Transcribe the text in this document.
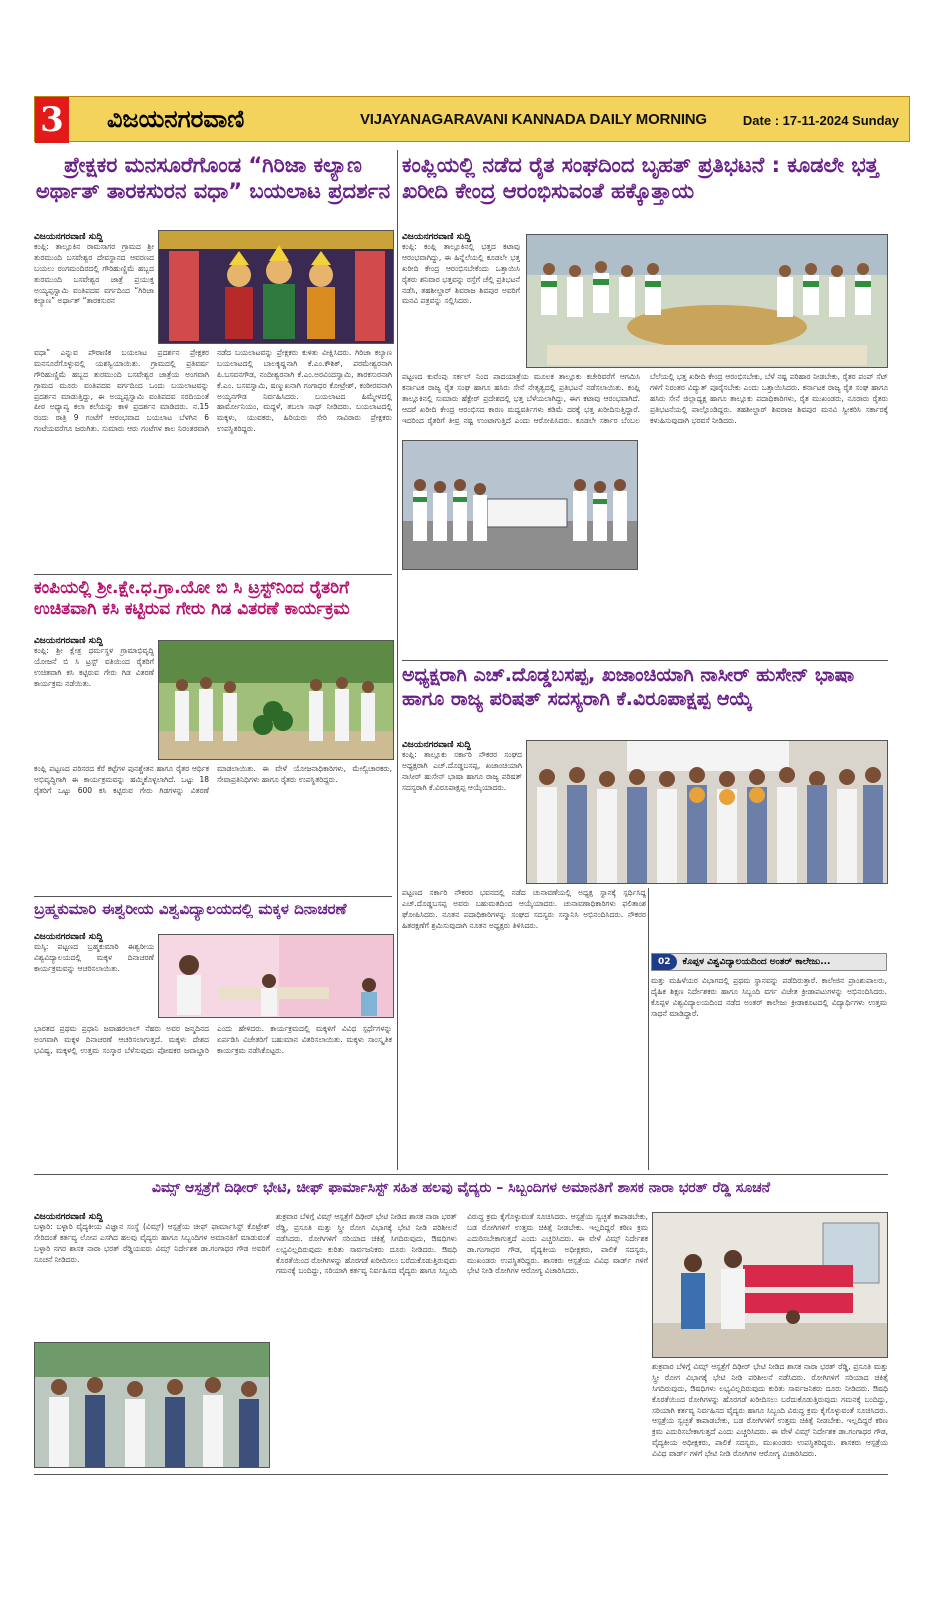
3 ವಿಜಯನಗರವಾಣಿ	VIJAYANAGARAVANI KANNADA DAILY MORNING	Date : 17-11-2024 Sunday
ಪ್ರೇಕ್ಷಕರ ಮನಸೂರೆಗೊಂಡ “ಗಿರಿಜಾ ಕಲ್ಯಾಣ ಅರ್ಥಾತ್ ತಾರಕಸುರನ ವಧಾ” ಬಯಲಾಟ ಪ್ರದರ್ಶನ
ವಿಜಯನಗರವಾಣಿ ಸುದ್ದಿ
ಕಂಪ್ಲಿ: ತಾಲ್ಲೂಕಿನ ರಾಮಸಾಗರ ಗ್ರಾಮದ ಶ್ರೀ ತುರಮುಂದಿ ಬಸವೇಶ್ವರ ದೇವಸ್ಥಾನದ ಆವರಣದ ಬಯಲು ರಂಗಮಂದಿರದಲ್ಲಿ ಗೌರಿಹುಣ್ಣಿಮೆ ಹಬ್ಬದ ತುರಮುಂದಿ ಬಸವೇಶ್ವರ ಜಾತ್ರೆ ಪ್ರಯುಕ್ತ ಅಯ್ಯಪ್ಪಸ್ವಾಮಿ ವಂತಿಪದವ ವರ್ಗದಿಂದ “ಗಿರಿಜಾ ಕಲ್ಯಾಣ” ಅರ್ಥಾತ್ “ತಾರಕಸುರನ
ವಧಾ” ಎನ್ನುವ ಪೌರಾಣಿಕ ಬಯಲಾಟ ಪ್ರದರ್ಶನ ಪ್ರೇಕ್ಷಕರ ಮನಸೂರೆಗೊಳ್ಳುವಲ್ಲಿ ಯಶಸ್ವಿಯಾಯಿತು. ಗ್ರಾಮದಲ್ಲಿ ಪ್ರತಿವರ್ಷ ಗೌರಿಹುಣ್ಣಿಮೆ ಹಬ್ಬದ ತುರಮುಂದಿ ಬಸವೇಶ್ವರ ಜಾತ್ರೆಯ ಅಂಗವಾಗಿ ಗ್ರಾಮದ ಮೂರು ವಂತಿಪದವ ವರ್ಗದಿಂದ ಒಂದು ಬಯಲಾಟವನ್ನು ಪ್ರದರ್ಶನ ಮಾಡುತ್ತಿದ್ದು, ಈ ಅಯ್ಯಪ್ಪಸ್ವಾಮಿ ವಂತಿಪದವ ಸರದಿಯಂತೆ ಪೀಠ ಅಧ್ಯಾಪ್ಯ ಕಲಾ ಕಲೆಯನ್ನು ಕಾಳಿ ಪ್ರದರ್ಶನ ಮಾಡಿದರು. ನ.15 ರಂದು ರಾತ್ರಿ 9 ಗಂಟೆಗೆ ಆರಂಭವಾದ ಬಯಲಾಟ ಬೆಳಗಿನ 6 ಗಂಟೆಯವರೆಗೂ ಜರುಗಿತು. ಸುಮಾರು ಆರು ಗಂಟೆಗಳ ಕಾಲ ನಿರಂತರವಾಗಿ ನಡೆದ ಬಯಲಾಟವನ್ನು ಪ್ರೇಕ್ಷಕರು ಕುಳಿತು ವೀಕ್ಷಿಸಿದರು. ಗಿರಿಜಾ ಕಲ್ಯಾಣ ಬಯಲಾಟದಲ್ಲಿ ಬಾಲಕೃಷ್ಣನಾಗಿ ಕೆ.ಎಂ.ಕೌಶಿಕ್, ಪರಮೇಶ್ವರನಾಗಿ ಪಿ.ಬಸವನಗೌಡ, ನಂದೀಶ್ವರನಾಗಿ ಕೆ.ಎಂ.ಅರವಿಂದಸ್ವಾಮಿ, ತಾರಕಸುರನಾಗಿ ಕೆ.ಎಂ. ಬಸವಸ್ವಾಮಿ, ಷಣ್ಮುಖನಾಗಿ ಗಂಗಾಧರ ಕೋಟ್ರೇಶ್, ಕಂಠೀರವನಾಗಿ ಅಯ್ಯನಗೌಡ ನಿರ್ವಹಿಸಿದರು. ಬಯಲಾಟದ ಹಿಮ್ಮೇಳದಲ್ಲಿ ಹಾರ್ಮೋನಿಯಂ, ಮದ್ದಳೆ, ತಬಲಾ ಸಾಥ್ ನೀಡಿದರು. ಬಯಲಾಟದಲ್ಲಿ ಮಕ್ಕಳು, ಯುವಕರು, ಹಿರಿಯರು ಸೇರಿ ಸಾವಿರಾರು ಪ್ರೇಕ್ಷಕರು ಉಪಸ್ಥಿತರಿದ್ದರು.
ಕಂಪ್ಲಿಯಲ್ಲಿ ನಡೆದ ರೈತ ಸಂಘದಿಂದ ಬೃಹತ್ ಪ್ರತಿಭಟನೆ : ಕೂಡಲೇ ಭತ್ತ ಖರೀದಿ ಕೇಂದ್ರ ಆರಂಭಿಸುವಂತೆ ಹಕ್ಕೊತ್ತಾಯ
ವಿಜಯನಗರವಾಣಿ ಸುದ್ದಿ
ಕಂಪ್ಲಿ: ಕಂಪ್ಲಿ ತಾಲ್ಲೂಕಿನಲ್ಲಿ ಭತ್ತದ ಕಟಾವು ಆರಂಭವಾಗಿದ್ದು, ಈ ಹಿನ್ನೆಲೆಯಲ್ಲಿ ಕೂಡಲೇ ಭತ್ತ ಖರೀದಿ ಕೇಂದ್ರ ಆರಂಭಿಸಬೇಕೆಂದು ಒತ್ತಾಯಿಸಿ ರೈತರು ಶನಿವಾರ ಭತ್ತವನ್ನು ರಸ್ತೆಗೆ ಚೆಲ್ಲಿ ಪ್ರತಿಭಟನೆ ನಡೆಸಿ, ತಹಶೀಲ್ದಾರ್ ಶಿವರಾಜ ಶಿವಪುರ ಅವರಿಗೆ ಮನವಿ ಪತ್ರವನ್ನು ಸಲ್ಲಿಸಿದರು.
ಪಟ್ಟಣದ ಕುವೆಂಪು ಸರ್ಕಲ್ ನಿಂದ ಪಾದಯಾತ್ರೆಯ ಮೂಲಕ ತಾಲ್ಲೂಕು ಕಚೇರಿವರೆಗೆ ಆಗಮಿಸಿ ಕರ್ನಾಟಕ ರಾಜ್ಯ ರೈತ ಸಂಘ ಹಾಗೂ ಹಸಿರು ಸೇನೆ ನೇತೃತ್ವದಲ್ಲಿ ಪ್ರತಿಭಟನೆ ನಡೆಸಲಾಯಿತು. ಕಂಪ್ಲಿ ತಾಲ್ಲೂಕಿನಲ್ಲಿ ಸುಮಾರು ಹೆಕ್ಟೇರ್ ಪ್ರದೇಶದಲ್ಲಿ ಭತ್ತ ಬೆಳೆಯಲಾಗಿದ್ದು, ಈಗ ಕಟಾವು ಆರಂಭವಾಗಿದೆ. ಆದರೆ ಖರೀದಿ ಕೇಂದ್ರ ಆರಂಭಿಸದ ಕಾರಣ ಮಧ್ಯವರ್ತಿಗಳು ಕಡಿಮೆ ದರಕ್ಕೆ ಭತ್ತ ಖರೀದಿಸುತ್ತಿದ್ದಾರೆ. ಇದರಿಂದ ರೈತರಿಗೆ ತೀವ್ರ ನಷ್ಟ ಉಂಟಾಗುತ್ತಿದೆ ಎಂದು ಆರೋಪಿಸಿದರು. ಕೂಡಲೇ ಸರ್ಕಾರ ಬೆಂಬಲ ಬೆಲೆಯಲ್ಲಿ ಭತ್ತ ಖರೀದಿ ಕೇಂದ್ರ ಆರಂಭಿಸಬೇಕು, ಬೆಳೆ ನಷ್ಟ ಪರಿಹಾರ ನೀಡಬೇಕು, ರೈತರ ಪಂಪ್ ಸೆಟ್ ಗಳಿಗೆ ನಿರಂತರ ವಿದ್ಯುತ್ ಪೂರೈಸಬೇಕು ಎಂದು ಒತ್ತಾಯಿಸಿದರು. ಕರ್ನಾಟಕ ರಾಜ್ಯ ರೈತ ಸಂಘ ಹಾಗೂ ಹಸಿರು ಸೇನೆ ಜಿಲ್ಲಾಧ್ಯಕ್ಷ ಹಾಗೂ ತಾಲ್ಲೂಕು ಪದಾಧಿಕಾರಿಗಳು, ರೈತ ಮುಖಂಡರು, ನೂರಾರು ರೈತರು ಪ್ರತಿಭಟನೆಯಲ್ಲಿ ಪಾಲ್ಗೊಂಡಿದ್ದರು. ತಹಶೀಲ್ದಾರ್ ಶಿವರಾಜ ಶಿವಪುರ ಮನವಿ ಸ್ವೀಕರಿಸಿ ಸರ್ಕಾರಕ್ಕೆ ಕಳುಹಿಸುವುದಾಗಿ ಭರವಸೆ ನೀಡಿದರು.
ಕಂಪಿಯಲ್ಲಿ ಶ್ರೀ.ಕ್ಷೇ.ಧ.ಗ್ರಾ.ಯೋ ಬಿ ಸಿ ಟ್ರಸ್ಟ್‌ನಿಂದ ರೈತರಿಗೆ ಉಚಿತವಾಗಿ ಕಸಿ ಕಟ್ಟಿರುವ ಗೇರು ಗಿಡ ವಿತರಣೆ ಕಾರ್ಯಕ್ರಮ
ವಿಜಯನಗರವಾಣಿ ಸುದ್ದಿ
ಕಂಪ್ಲಿ: ಶ್ರೀ ಕ್ಷೇತ್ರ ಧರ್ಮಸ್ಥಳ ಗ್ರಾಮಾಭಿವೃದ್ಧಿ ಯೋಜನೆ ಬಿ ಸಿ ಟ್ರಸ್ಟ್ ವತಿಯಿಂದ ರೈತರಿಗೆ ಉಚಿತವಾಗಿ ಕಸಿ ಕಟ್ಟಿರುವ ಗೇರು ಗಿಡ ವಿತರಣೆ ಕಾರ್ಯಕ್ರಮ ನಡೆಯಿತು.
ಕಂಪ್ಲಿ ಪಟ್ಟಣದ ಪರಿಸರದ ಕೆರೆ ಕಟ್ಟೆಗಳ ಪುನಶ್ಚೇತನ ಹಾಗೂ ರೈತರ ಆರ್ಥಿಕ ಅಭಿವೃದ್ಧಿಗಾಗಿ ಈ ಕಾರ್ಯಕ್ರಮವನ್ನು ಹಮ್ಮಿಕೊಳ್ಳಲಾಗಿದೆ. ಒಟ್ಟು 18 ರೈತರಿಗೆ ಒಟ್ಟು 600 ಕಸಿ ಕಟ್ಟಿರುವ ಗೇರು ಗಿಡಗಳನ್ನು ವಿತರಣೆ ಮಾಡಲಾಯಿತು. ಈ ವೇಳೆ ಯೋಜನಾಧಿಕಾರಿಗಳು, ಮೇಲ್ವಿಚಾರಕರು, ಸೇವಾಪ್ರತಿನಿಧಿಗಳು ಹಾಗೂ ರೈತರು ಉಪಸ್ಥಿತರಿದ್ದರು.
ಬ್ರಹ್ಮಕುಮಾರಿ ಈಶ್ವರೀಯ ವಿಶ್ವವಿದ್ಯಾಲಯದಲ್ಲಿ ಮಕ್ಕಳ ದಿನಾಚರಣೆ
ವಿಜಯನಗರವಾಣಿ ಸುದ್ದಿ
ಮಸ್ಕಿ: ಪಟ್ಟಣದ ಬ್ರಹ್ಮಕುಮಾರಿ ಈಶ್ವರೀಯ ವಿಶ್ವವಿದ್ಯಾಲಯದಲ್ಲಿ ಮಕ್ಕಳ ದಿನಾಚರಣೆ ಕಾರ್ಯಕ್ರಮವನ್ನು ಆಚರಿಸಲಾಯಿತು.
ಭಾರತದ ಪ್ರಥಮ ಪ್ರಧಾನಿ ಜವಾಹರಲಾಲ್ ನೆಹರು ಅವರ ಜನ್ಮದಿನದ ಅಂಗವಾಗಿ ಮಕ್ಕಳ ದಿನಾಚರಣೆ ಆಚರಿಸಲಾಗುತ್ತದೆ. ಮಕ್ಕಳು ದೇಶದ ಭವಿಷ್ಯ, ಮಕ್ಕಳಲ್ಲಿ ಉತ್ತಮ ಸಂಸ್ಕಾರ ಬೆಳೆಸುವುದು ಪೋಷಕರ ಜವಾಬ್ದಾರಿ ಎಂದು ಹೇಳಿದರು. ಕಾರ್ಯಕ್ರಮದಲ್ಲಿ ಮಕ್ಕಳಿಗೆ ವಿವಿಧ ಸ್ಪರ್ಧೆಗಳನ್ನು ಏರ್ಪಡಿಸಿ ವಿಜೇತರಿಗೆ ಬಹುಮಾನ ವಿತರಿಸಲಾಯಿತು. ಮಕ್ಕಳು ಸಾಂಸ್ಕೃತಿಕ ಕಾರ್ಯಕ್ರಮ ನಡೆಸಿಕೊಟ್ಟರು.
ಅಧ್ಯಕ್ಷರಾಗಿ ಎಚ್.ದೊಡ್ಡಬಸಪ್ಪ, ಖಜಾಂಚಿಯಾಗಿ ನಾಸೀರ್ ಹುಸೇನ್ ಭಾಷಾ ಹಾಗೂ ರಾಜ್ಯ ಪರಿಷತ್ ಸದಸ್ಯರಾಗಿ ಕೆ.ವಿರೂಪಾಕ್ಷಪ್ಪ ಆಯ್ಕೆ
ವಿಜಯನಗರವಾಣಿ ಸುದ್ದಿ
ಕಂಪ್ಲಿ: ತಾಲ್ಲೂಕು ಸರ್ಕಾರಿ ನೌಕರರ ಸಂಘದ ಅಧ್ಯಕ್ಷರಾಗಿ ಎಚ್.ದೊಡ್ಡಬಸಪ್ಪ, ಖಜಾಂಚಿಯಾಗಿ ನಾಸೀರ್ ಹುಸೇನ್ ಭಾಷಾ ಹಾಗೂ ರಾಜ್ಯ ಪರಿಷತ್ ಸದಸ್ಯರಾಗಿ ಕೆ.ವಿರೂಪಾಕ್ಷಪ್ಪ ಆಯ್ಕೆಯಾದರು.
ಪಟ್ಟಣದ ಸರ್ಕಾರಿ ನೌಕರರ ಭವನದಲ್ಲಿ ನಡೆದ ಚುನಾವಣೆಯಲ್ಲಿ ಅಧ್ಯಕ್ಷ ಸ್ಥಾನಕ್ಕೆ ಸ್ಪರ್ಧಿಸಿದ್ದ ಎಚ್.ದೊಡ್ಡಬಸಪ್ಪ ಅವರು ಬಹುಮತದಿಂದ ಆಯ್ಕೆಯಾದರು. ಚುನಾವಣಾಧಿಕಾರಿಗಳು ಫಲಿತಾಂಶ ಘೋಷಿಸಿದರು. ನೂತನ ಪದಾಧಿಕಾರಿಗಳನ್ನು ಸಂಘದ ಸದಸ್ಯರು ಸನ್ಮಾನಿಸಿ ಅಭಿನಂದಿಸಿದರು. ನೌಕರರ ಹಿತರಕ್ಷಣೆಗೆ ಶ್ರಮಿಸುವುದಾಗಿ ನೂತನ ಅಧ್ಯಕ್ಷರು ತಿಳಿಸಿದರು.
02 ಕೊಪ್ಪಳ ವಿಶ್ವವಿದ್ಯಾಲಯದಿಂದ ಅಂತರ್ ಕಾಲೇಜು...
ಮತ್ತು ಮಹಿಳೆಯರ ವಿಭಾಗದಲ್ಲಿ ಪ್ರಥಮ ಸ್ಥಾನವನ್ನು ಪಡೆದಿರುತ್ತಾರೆ. ಕಾಲೇಜಿನ ಪ್ರಾಂಶುಪಾಲರು, ದೈಹಿಕ ಶಿಕ್ಷಣ ನಿರ್ದೇಶಕರು ಹಾಗೂ ಸಿಬ್ಬಂದಿ ವರ್ಗ ವಿಜೇತ ಕ್ರೀಡಾಪಟುಗಳನ್ನು ಅಭಿನಂದಿಸಿದರು. ಕೊಪ್ಪಳ ವಿಶ್ವವಿದ್ಯಾಲಯದಿಂದ ನಡೆದ ಅಂತರ್ ಕಾಲೇಜು ಕ್ರೀಡಾಕೂಟದಲ್ಲಿ ವಿದ್ಯಾರ್ಥಿಗಳು ಉತ್ತಮ ಸಾಧನೆ ಮಾಡಿದ್ದಾರೆ.
ವಿಮ್ಸ್ ಆಸ್ಪತ್ರೆಗೆ ದಿಢೀರ್ ಭೇಟಿ, ಚೀಫ್ ಫಾರ್ಮಾಸಿಸ್ಟ್ ಸಹಿತ ಹಲವು ವೈದ್ಯರು – ಸಿಬ್ಬಂದಿಗಳ ಅಮಾನತಿಗೆ ಶಾಸಕ ನಾರಾ ಭರತ್ ರೆಡ್ಡಿ ಸೂಚನೆ
ವಿಜಯನಗರವಾಣಿ ಸುದ್ದಿ
ಬಳ್ಳಾರಿ: ಬಳ್ಳಾರಿ ವೈದ್ಯಕೀಯ ವಿಜ್ಞಾನ ಸಂಸ್ಥೆ (ವಿಮ್ಸ್) ಆಸ್ಪತ್ರೆಯ ಚೀಫ್ ಫಾರ್ಮಾಸಿಸ್ಟ್ ಕೊಟ್ರೇಶ್ ಸೇರಿದಂತೆ ಕರ್ತವ್ಯ ಲೋಪ ಎಸಗಿದ ಹಲವು ವೈದ್ಯರು ಹಾಗೂ ಸಿಬ್ಬಂದಿಗಳ ಅಮಾನತಿಗೆ ಮಾಡುವಂತೆ ಬಳ್ಳಾರಿ ನಗರ ಶಾಸಕ ನಾರಾ ಭರತ್ ರೆಡ್ಡಿಯವರು ವಿಮ್ಸ್ ನಿರ್ದೇಶಕ ಡಾ.ಗಂಗಾಧರ ಗೌಡ ಅವರಿಗೆ ಸೂಚನೆ ನೀಡಿದರು.
ಶುಕ್ರವಾರ ಬೆಳಿಗ್ಗೆ ವಿಮ್ಸ್ ಆಸ್ಪತ್ರೆಗೆ ದಿಢೀರ್ ಭೇಟಿ ನೀಡಿದ ಶಾಸಕ ನಾರಾ ಭರತ್ ರೆಡ್ಡಿ, ಪ್ರಸೂತಿ ಮತ್ತು ಸ್ತ್ರೀ ರೋಗ ವಿಭಾಗಕ್ಕೆ ಭೇಟಿ ನೀಡಿ ಪರಿಶೀಲನೆ ನಡೆಸಿದರು. ರೋಗಿಗಳಿಗೆ ಸರಿಯಾದ ಚಿಕಿತ್ಸೆ ಸಿಗದಿರುವುದು, ಔಷಧಿಗಳು ಲಭ್ಯವಿಲ್ಲದಿರುವುದು ಕುರಿತು ಸಾರ್ವಜನಿಕರು ದೂರು ನೀಡಿದರು. ಔಷಧಿ ಕೊರತೆಯಿಂದ ರೋಗಿಗಳನ್ನು ಹೊರಗಡೆ ಖರೀದಿಸಲು ಬರೆದುಕೊಡುತ್ತಿರುವುದು ಗಮನಕ್ಕೆ ಬಂದಿದ್ದು, ಸರಿಯಾಗಿ ಕರ್ತವ್ಯ ನಿರ್ವಹಿಸದ ವೈದ್ಯರು ಹಾಗೂ ಸಿಬ್ಬಂದಿ ವಿರುದ್ಧ ಕ್ರಮ ಕೈಗೊಳ್ಳುವಂತೆ ಸೂಚಿಸಿದರು. ಆಸ್ಪತ್ರೆಯ ಸ್ವಚ್ಛತೆ ಕಾಪಾಡಬೇಕು, ಬಡ ರೋಗಿಗಳಿಗೆ ಉತ್ತಮ ಚಿಕಿತ್ಸೆ ನೀಡಬೇಕು. ಇಲ್ಲದಿದ್ದರೆ ಕಠಿಣ ಕ್ರಮ ಎದುರಿಸಬೇಕಾಗುತ್ತದೆ ಎಂದು ಎಚ್ಚರಿಸಿದರು. ಈ ವೇಳೆ ವಿಮ್ಸ್ ನಿರ್ದೇಶಕ ಡಾ.ಗಂಗಾಧರ ಗೌಡ, ವೈದ್ಯಕೀಯ ಅಧೀಕ್ಷಕರು, ಪಾಲಿಕೆ ಸದಸ್ಯರು, ಮುಖಂಡರು ಉಪಸ್ಥಿತರಿದ್ದರು. ಶಾಸಕರು ಆಸ್ಪತ್ರೆಯ ವಿವಿಧ ವಾರ್ಡ್ ಗಳಿಗೆ ಭೇಟಿ ನೀಡಿ ರೋಗಿಗಳ ಆರೋಗ್ಯ ವಿಚಾರಿಸಿದರು.
ಶುಕ್ರವಾರ ಬೆಳಿಗ್ಗೆ ವಿಮ್ಸ್ ಆಸ್ಪತ್ರೆಗೆ ದಿಢೀರ್ ಭೇಟಿ ನೀಡಿದ ಶಾಸಕ ನಾರಾ ಭರತ್ ರೆಡ್ಡಿ, ಪ್ರಸೂತಿ ಮತ್ತು ಸ್ತ್ರೀ ರೋಗ ವಿಭಾಗಕ್ಕೆ ಭೇಟಿ ನೀಡಿ ಪರಿಶೀಲನೆ ನಡೆಸಿದರು. ರೋಗಿಗಳಿಗೆ ಸರಿಯಾದ ಚಿಕಿತ್ಸೆ ಸಿಗದಿರುವುದು, ಔಷಧಿಗಳು ಲಭ್ಯವಿಲ್ಲದಿರುವುದು ಕುರಿತು ಸಾರ್ವಜನಿಕರು ದೂರು ನೀಡಿದರು. ಔಷಧಿ ಕೊರತೆಯಿಂದ ರೋಗಿಗಳನ್ನು ಹೊರಗಡೆ ಖರೀದಿಸಲು ಬರೆದುಕೊಡುತ್ತಿರುವುದು ಗಮನಕ್ಕೆ ಬಂದಿದ್ದು, ಸರಿಯಾಗಿ ಕರ್ತವ್ಯ ನಿರ್ವಹಿಸದ ವೈದ್ಯರು ಹಾಗೂ ಸಿಬ್ಬಂದಿ ವಿರುದ್ಧ ಕ್ರಮ ಕೈಗೊಳ್ಳುವಂತೆ ಸೂಚಿಸಿದರು. ಆಸ್ಪತ್ರೆಯ ಸ್ವಚ್ಛತೆ ಕಾಪಾಡಬೇಕು, ಬಡ ರೋಗಿಗಳಿಗೆ ಉತ್ತಮ ಚಿಕಿತ್ಸೆ ನೀಡಬೇಕು. ಇಲ್ಲದಿದ್ದರೆ ಕಠಿಣ ಕ್ರಮ ಎದುರಿಸಬೇಕಾಗುತ್ತದೆ ಎಂದು ಎಚ್ಚರಿಸಿದರು. ಈ ವೇಳೆ ವಿಮ್ಸ್ ನಿರ್ದೇಶಕ ಡಾ.ಗಂಗಾಧರ ಗೌಡ, ವೈದ್ಯಕೀಯ ಅಧೀಕ್ಷಕರು, ಪಾಲಿಕೆ ಸದಸ್ಯರು, ಮುಖಂಡರು ಉಪಸ್ಥಿತರಿದ್ದರು. ಶಾಸಕರು ಆಸ್ಪತ್ರೆಯ ವಿವಿಧ ವಾರ್ಡ್ ಗಳಿಗೆ ಭೇಟಿ ನೀಡಿ ರೋಗಿಗಳ ಆರೋಗ್ಯ ವಿಚಾರಿಸಿದರು.
